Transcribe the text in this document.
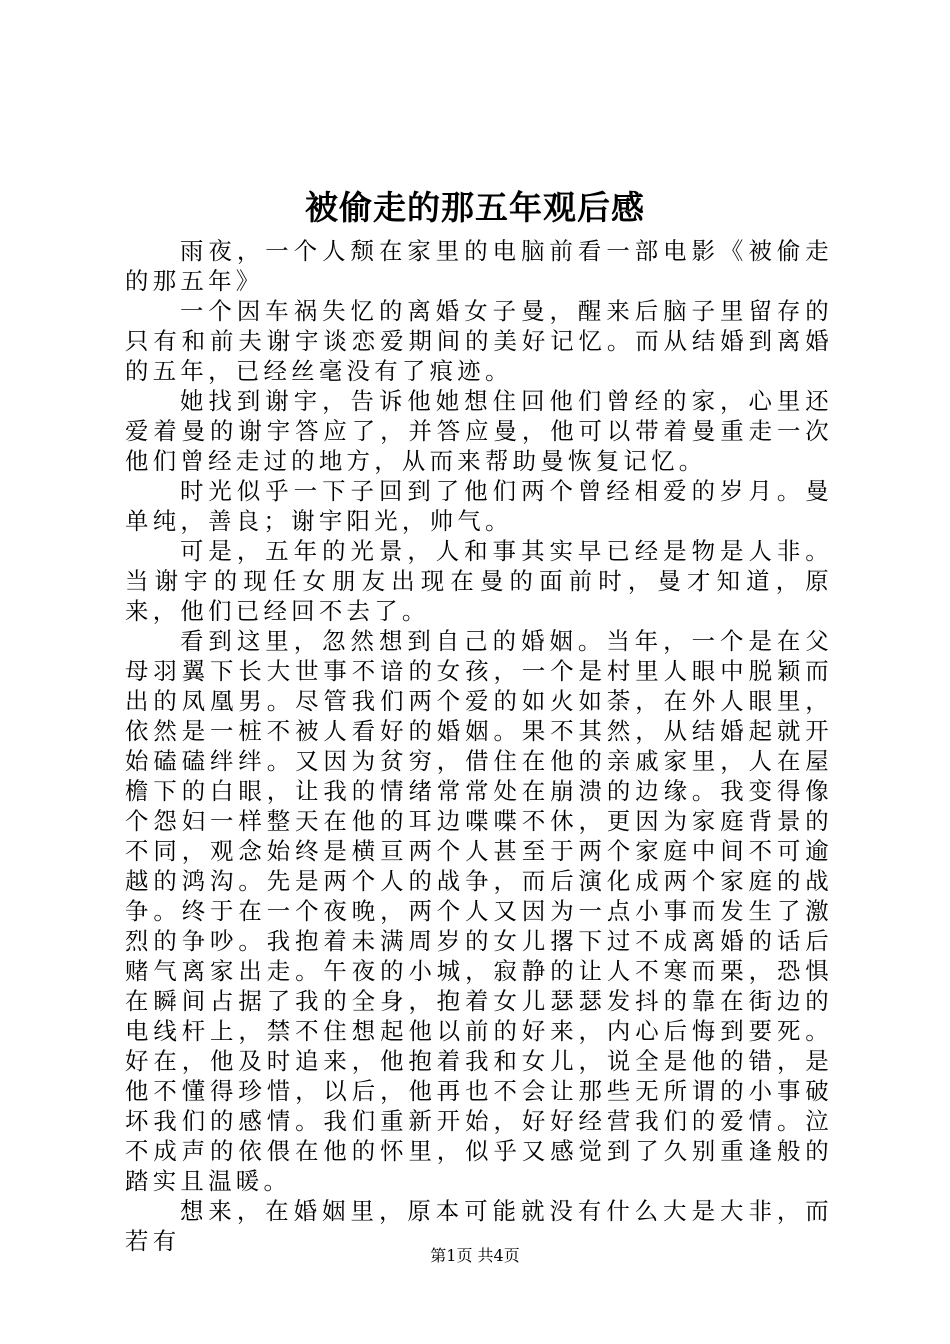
被偷走的那五年观后感

雨夜，一个人颓在家里的电脑前看一部电影《被偷走的那五年》

一个因车祸失忆的离婚女子曼，醒来后脑子里留存的只有和前夫谢宇谈恋爱期间的美好记忆。而从结婚到离婚的五年，已经丝毫没有了痕迹。

她找到谢宇，告诉他她想住回他们曾经的家，心里还爱着曼的谢宇答应了，并答应曼，他可以带着曼重走一次他们曾经走过的地方，从而来帮助曼恢复记忆。

时光似乎一下子回到了他们两个曾经相爱的岁月。曼单纯，善良；谢宇阳光，帅气。

可是，五年的光景，人和事其实早已经是物是人非。当谢宇的现任女朋友出现在曼的面前时，曼才知道，原来，他们已经回不去了。

看到这里，忽然想到自己的婚姻。当年，一个是在父母羽翼下长大世事不谙的女孩，一个是村里人眼中脱颖而出的凤凰男。尽管我们两个爱的如火如荼，在外人眼里，依然是一桩不被人看好的婚姻。果不其然，从结婚起就开始磕磕绊绊。又因为贫穷，借住在他的亲戚家里，人在屋檐下的白眼，让我的情绪常常处在崩溃的边缘。我变得像个怨妇一样整天在他的耳边喋喋不休，更因为家庭背景的不同，观念始终是横亘两个人甚至于两个家庭中间不可逾越的鸿沟。先是两个人的战争，而后演化成两个家庭的战争。终于在一个夜晚，两个人又因为一点小事而发生了激烈的争吵。我抱着未满周岁的女儿撂下过不成离婚的话后赌气离家出走。午夜的小城，寂静的让人不寒而栗，恐惧在瞬间占据了我的全身，抱着女儿瑟瑟发抖的靠在街边的电线杆上，禁不住想起他以前的好来，内心后悔到要死。好在，他及时追来，他抱着我和女儿，说全是他的错，是他不懂得珍惜，以后，他再也不会让那些无所谓的小事破坏我们的感情。我们重新开始，好好经营我们的爱情。泣不成声的依偎在他的怀里，似乎又感觉到了久别重逢般的踏实且温暖。

想来，在婚姻里，原本可能就没有什么大是大非，而若有

第1页 共4页
